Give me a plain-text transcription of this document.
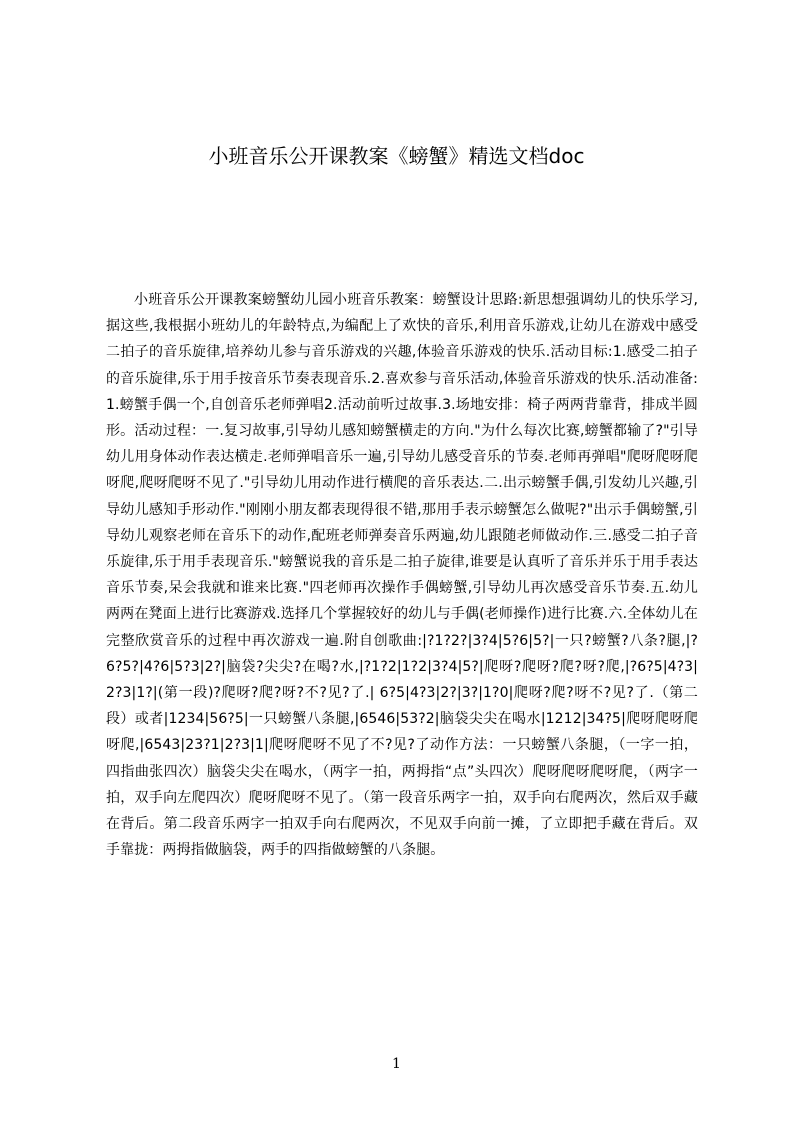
小班音乐公开课教案《螃蟹》精选文档doc

小班音乐公开课教案螃蟹幼儿园小班音乐教案：螃蟹设计思路:新思想强调幼儿的快乐学习,据这些,我根据小班幼儿的年龄特点,为编配上了欢快的音乐,利用音乐游戏,让幼儿在游戏中感受二拍子的音乐旋律,培养幼儿参与音乐游戏的兴趣,体验音乐游戏的快乐.活动目标:1.感受二拍子的音乐旋律,乐于用手按音乐节奏表现音乐.2.喜欢参与音乐活动,体验音乐游戏的快乐.活动准备:1.螃蟹手偶一个,自创音乐老师弹唱2.活动前听过故事.3.场地安排：椅子两两背靠背，排成半圆形。活动过程：一.复习故事,引导幼儿感知螃蟹横走的方向."为什么每次比赛,螃蟹都输了?"引导幼儿用身体动作表达横走.老师弹唱音乐一遍,引导幼儿感受音乐的节奏.老师再弹唱"爬呀爬呀爬呀爬,爬呀爬呀不见了."引导幼儿用动作进行横爬的音乐表达.二.出示螃蟹手偶,引发幼儿兴趣,引导幼儿感知手形动作."刚刚小朋友都表现得很不错,那用手表示螃蟹怎么做呢?"出示手偶螃蟹,引导幼儿观察老师在音乐下的动作,配班老师弹奏音乐两遍,幼儿跟随老师做动作.三.感受二拍子音乐旋律,乐于用手表现音乐."螃蟹说我的音乐是二拍子旋律,谁要是认真听了音乐并乐于用手表达音乐节奏,呆会我就和谁来比赛."四老师再次操作手偶螃蟹,引导幼儿再次感受音乐节奏.五.幼儿两两在凳面上进行比赛游戏.选择几个掌握较好的幼儿与手偶(老师操作)进行比赛.六.全体幼儿在完整欣赏音乐的过程中再次游戏一遍.附自创歌曲:|?1?2?|3?4|5?6|5?|一只?螃蟹?八条?腿,|?6?5?|4?6|5?3|2?|脑袋?尖尖?在喝?水,|?1?2|1?2|3?4|5?|爬呀?爬呀?爬?呀?爬,|?6?5|4?3|2?3|1?|(第一段)?爬呀?爬?呀?不?见?了.| 6?5|4?3|2?|3?|1?0|爬呀?爬?呀不?见?了.（第二段）或者|1234|56?5|一只螃蟹八条腿,|6546|53?2|脑袋尖尖在喝水|1212|34?5|爬呀爬呀爬呀爬,|6543|23?1|2?3|1|爬呀爬呀不见了不?见?了动作方法：一只螃蟹八条腿，（一字一拍，四指曲张四次）脑袋尖尖在喝水，（两字一拍，两拇指“点”头四次）爬呀爬呀爬呀爬，（两字一拍，双手向左爬四次）爬呀爬呀不见了。（第一段音乐两字一拍，双手向右爬两次，然后双手藏在背后。第二段音乐两字一拍双手向右爬两次，不见双手向前一摊，了立即把手藏在背后。双手靠拢：两拇指做脑袋，两手的四指做螃蟹的八条腿。

1
